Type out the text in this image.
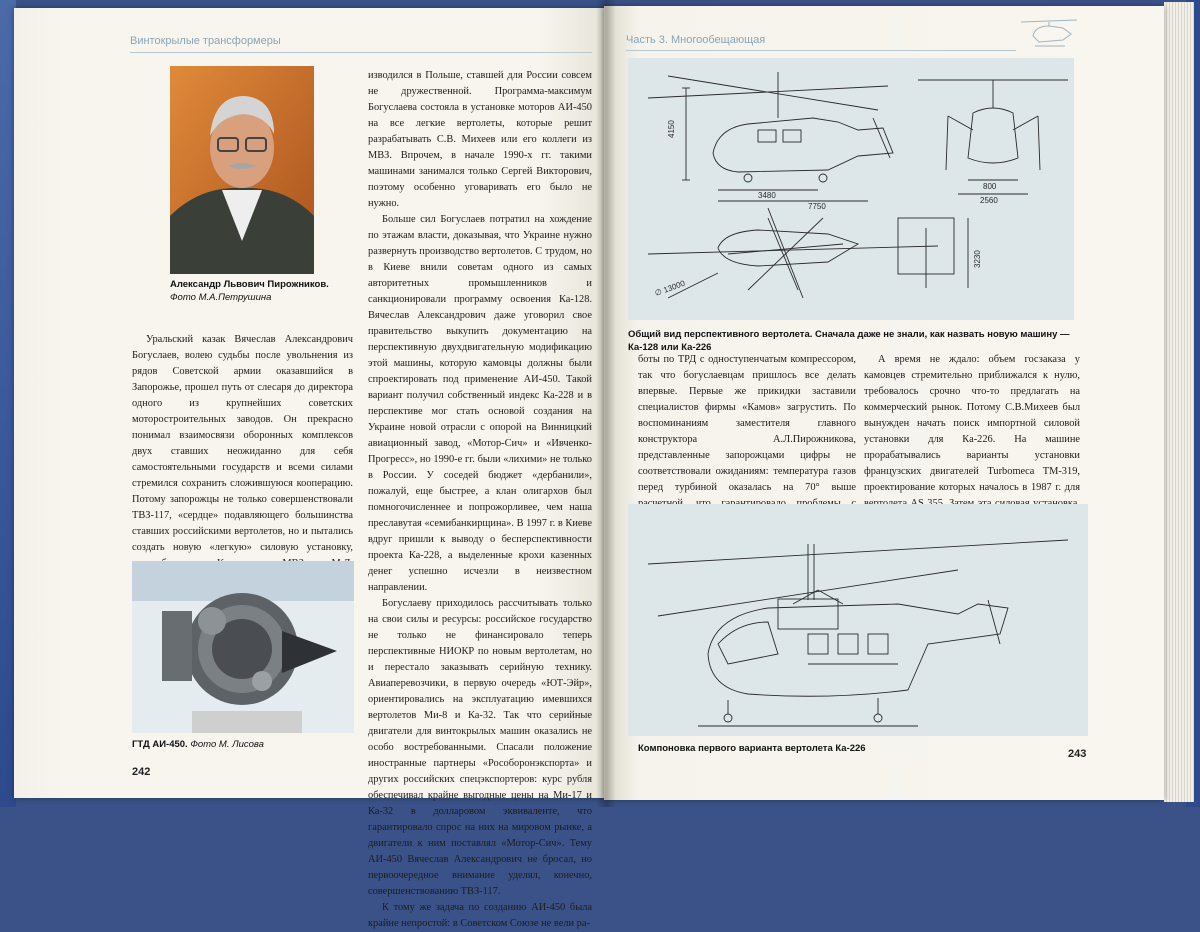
Винтокрылые трансформеры
Александр Львович Пирожников.
Фото М.А.Петрушина

Уральский казак Вячеслав Александрович Богуслаев, волею судьбы после увольнения из рядов Советской армии оказавшийся в Запорожье, прошел путь от слесаря до директора одного из крупнейших советских моторостроительных заводов. Он прекрасно понимал взаимосвязи оборонных комплексов двух ставших неожиданно для себя самостоятельными государств и всеми силами стремился сохранить сложившуюся кооперацию. Потому запорожцы не только совершенствовали ТВЗ-117, «сердце» подавляющего большинства ставших российскими вертолетов, но и пытались создать новую «легкую» силовую установку,

ГТД АИ-450. Фото М. Лисова

изводился в Польше, ставшей для России совсем не дружественной. Программа-максимум Богуслаева состояла в установке моторов АИ-450 на все легкие вертолеты, которые решит разрабатывать С.В. Михеев или его коллеги из МВЗ. Впрочем, в начале 1990-х гг. такими машинами занимался только Сергей Викторович, поэтому особенно уговаривать его было не нужно.

Больше сил Богуслаев потратил на хождение по этажам власти, доказывая, что Украине нужно развернуть производство вертолетов. С трудом, но в Киеве внили советам одного из самых авторитетных промышленников и санкционировали программу освоения Ка-128. Вячеслав Александрович даже уговорил свое правительство выкупить документацию на перспективную двухдвигательную модификацию этой машины, которую камовцы должны были спроектировать под применение АИ-450. Такой вариант получил собственный индекс Ка-228 и в перспективе мог стать основой создания на Украине новой отрасли с опорой на Винницкий авиационный завод, «Мотор-Сич» и «Ивченко-Прогресс», но 1990-е гг. были «лихими» не только в России. У соседей бюджет «дербанили», пожалуй, еще быстрее, а клан олигархов был помногочисленнее и попрожорливее, чем наша преславутая «семибанкирщина». В 1997 г. в Киеве вдруг пришли к выводу о бесперспективности проекта Ка-228, а выделенные крохи казенных денег успешно исчезли в неизвестном направлении.

Богуслаеву приходилось рассчитывать только на свои силы и ресурсы: российское государство не только не финансировало теперь перспективные НИОКР по новым вертолетам, но и перестало заказывать серийную технику. Авиаперевозчики, в первую очередь «ЮТ-Эйр», ориентировались на эксплуатацию имевшихся вертолетов Ми-8 и Ка-32. Так что серийные двигатели для винтокрылых машин оказались не особо востребованными. Спасали положение иностранные партнеры «Рособоронэкспорта» и других российских спецэкспортеров: курс рубля обеспечивал крайне выгодные цены на Ми-17 и Ка-32 в долларовом эквиваленте, что гарантировало спрос на них на мировом рынке, а двигатели к ним поставлял «Мотор-Сич». Тему АИ-450 Вячеслав Александрович не бросал, но первоочередное внимание уделял, конечно, совершенствованию ТВЗ-117.

К тому же задача по созданию АИ-450 была крайне непростой: в Советском Союзе не вели ра-

242
Часть 3. Многообещающая
4150
3480
7750
800
2560
3230
∅ 13000
Общий вид перспективного вертолета. Сначала даже не знали, как назвать новую машину — Ка-128 или Ка-226

боты по ТРД с одноступенчатым компрессором, так что богуслаевцам пришлось все делать впервые. Первые же прикидки заставили специалистов фирмы «Камов» загрустить. По воспоминаниям заместителя главного конструктора А.Л.Пирожникова, представленные запорожцами цифры не соответствовали ожиданиям: температура газов перед турбиной оказалась на 70° выше

А время не ждало: объем госзаказа у камовцев стремительно приближался к нулю, требовалось срочно что-то предлагать на коммерческий рынок. Потому С.В.Михеев был вынужден начать поиск импортной силовой установки для Ка-226. На машине прорабатывались варианты установки французских двигателей Turbomeca TM-319, проектирование которых началось в 1987 г. для

Компоновка первого варианта вертолета Ка-226	243
